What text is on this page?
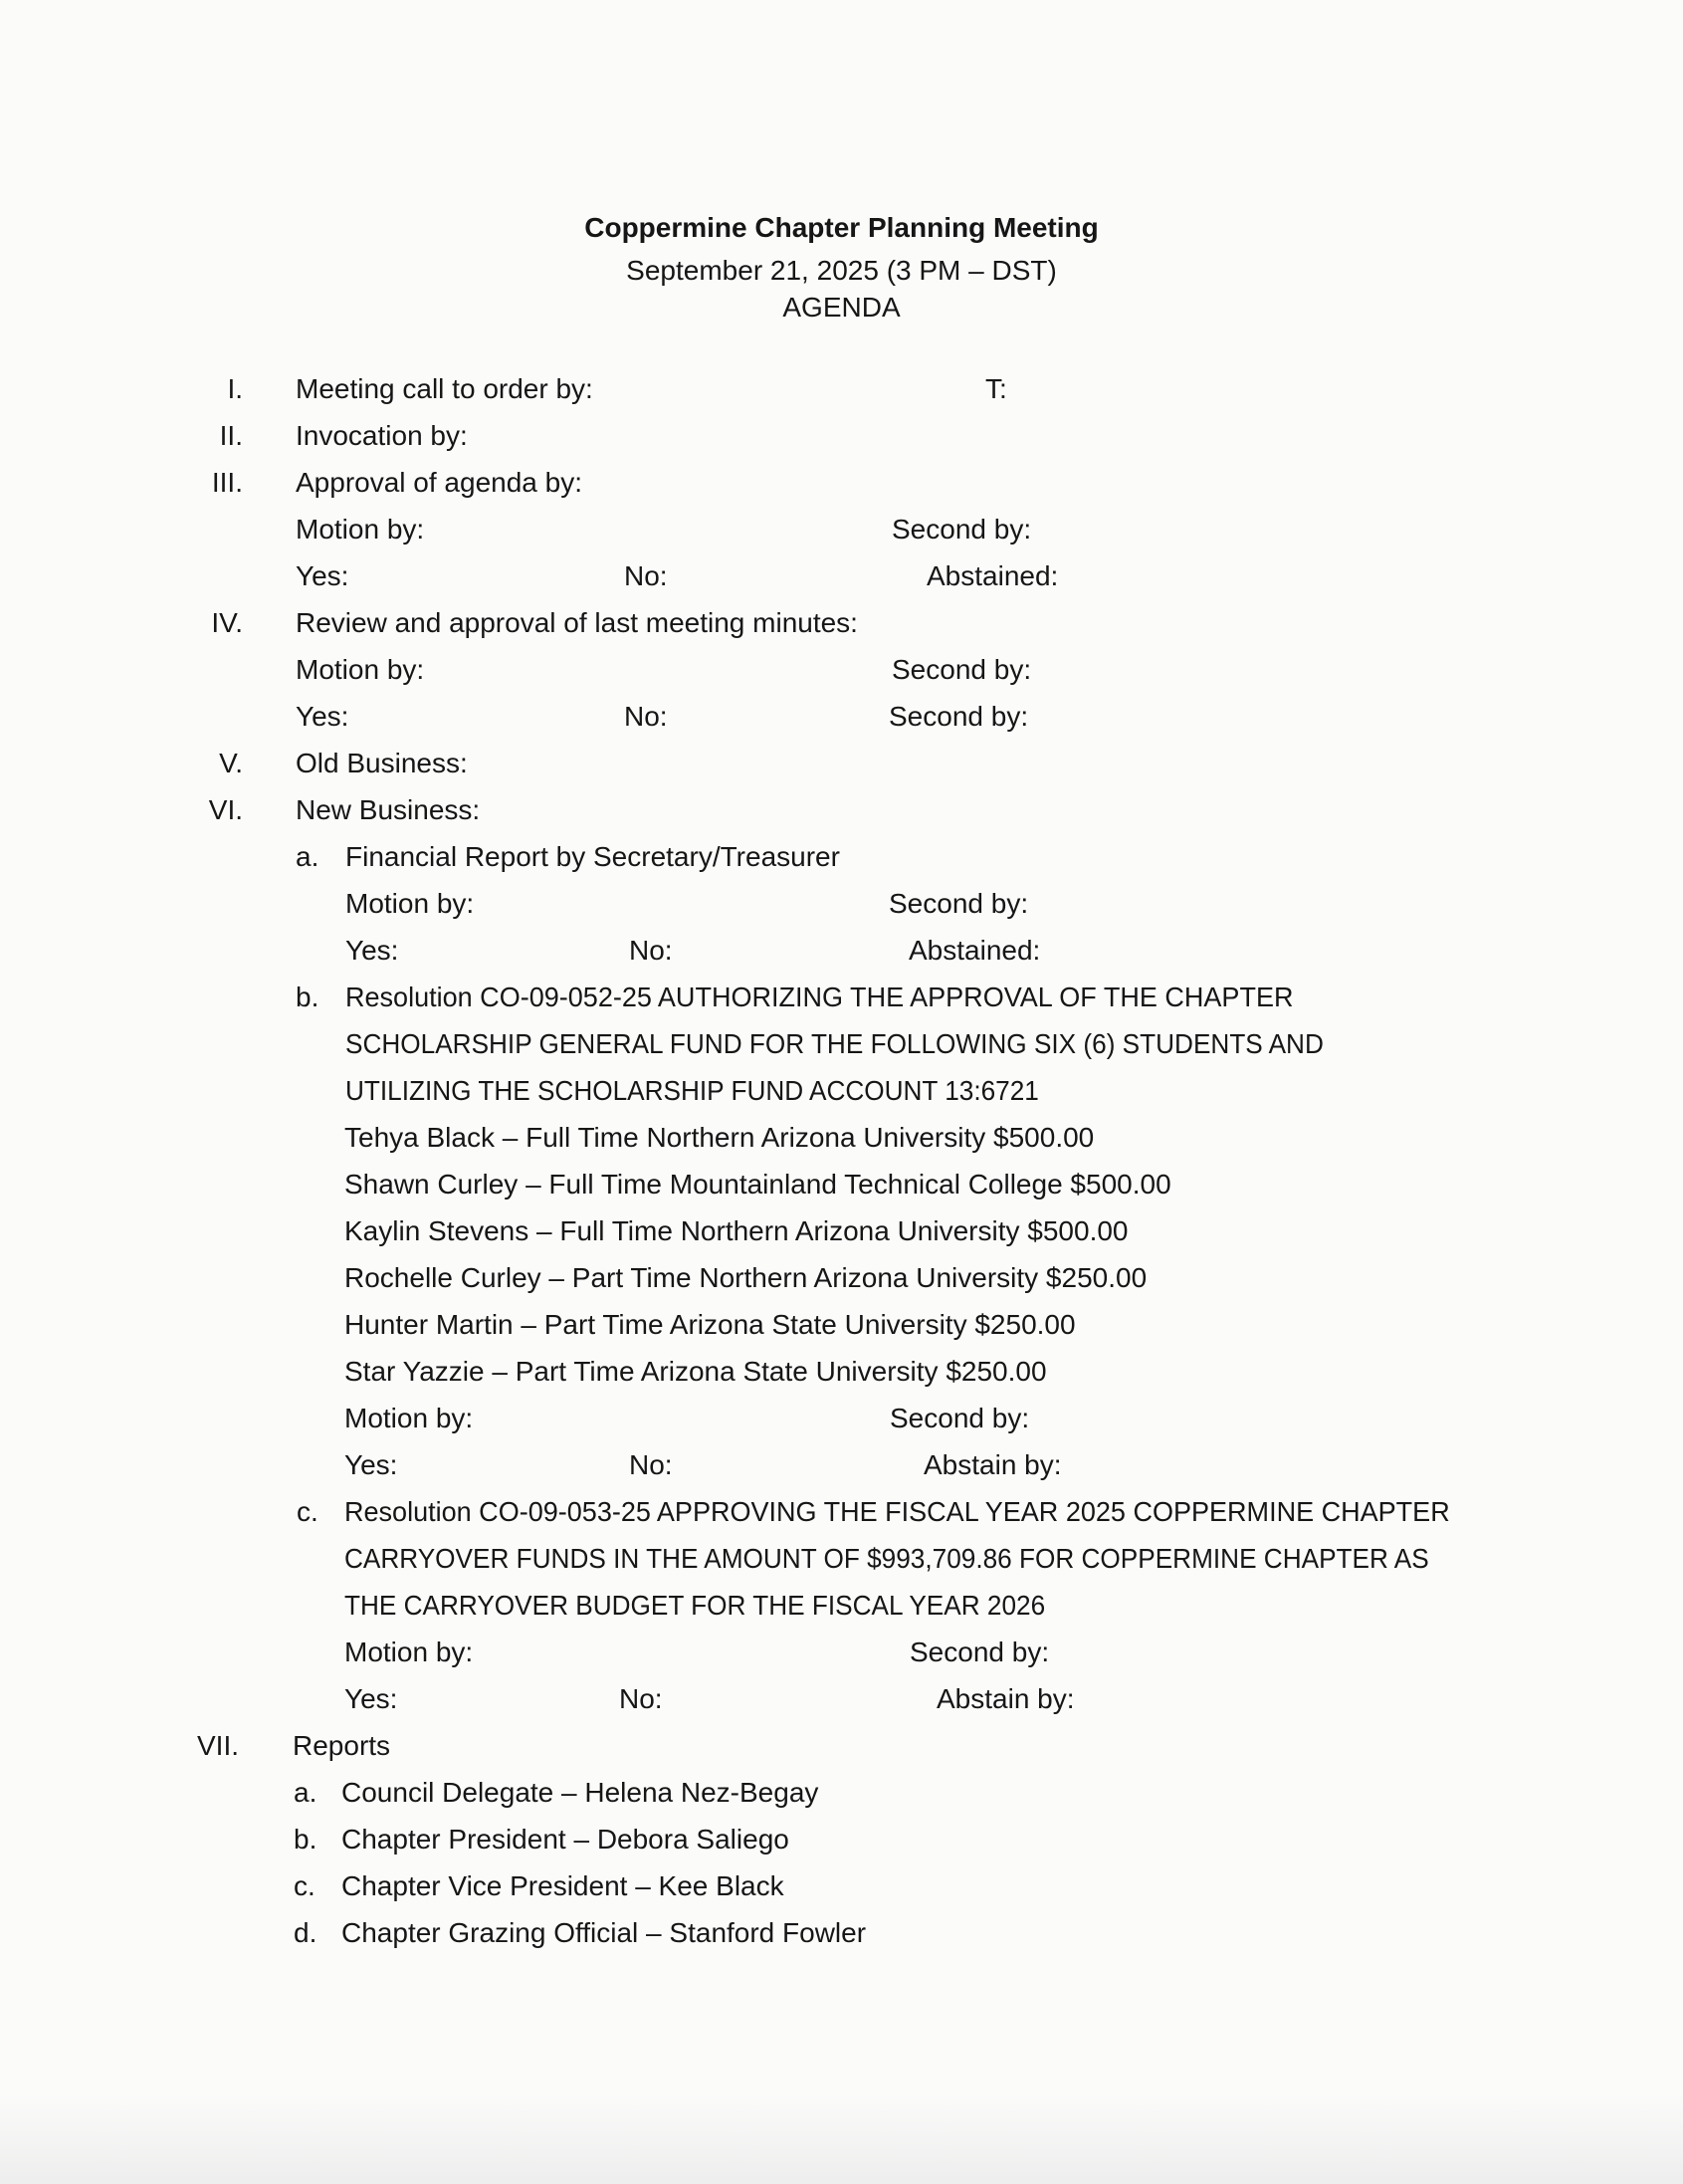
Coppermine Chapter Planning Meeting
September 21, 2025 (3 PM – DST)
AGENDA
I. Meeting call to order by:	T:
II. Invocation by:
III. Approval of agenda by:
Motion by:	Second by:
Yes:	No:	Abstained:
IV. Review and approval of last meeting minutes:
Motion by:	Second by:
Yes:	No:	Second by:
V. Old Business:
VI. New Business:
a. Financial Report by Secretary/Treasurer
Motion by:	Second by:
Yes:	No:	Abstained:
b. Resolution CO-09-052-25 AUTHORIZING THE APPROVAL OF THE CHAPTER
SCHOLARSHIP GENERAL FUND FOR THE FOLLOWING SIX (6) STUDENTS AND
UTILIZING THE SCHOLARSHIP FUND ACCOUNT 13:6721
Tehya Black – Full Time Northern Arizona University $500.00
Shawn Curley – Full Time Mountainland Technical College $500.00
Kaylin Stevens – Full Time Northern Arizona University $500.00
Rochelle Curley – Part Time Northern Arizona University $250.00
Hunter Martin – Part Time Arizona State University $250.00
Star Yazzie – Part Time Arizona State University $250.00
Motion by:	Second by:
Yes:	No:	Abstain by:
c. Resolution CO-09-053-25 APPROVING THE FISCAL YEAR 2025 COPPERMINE CHAPTER
CARRYOVER FUNDS IN THE AMOUNT OF $993,709.86 FOR COPPERMINE CHAPTER AS
THE CARRYOVER BUDGET FOR THE FISCAL YEAR 2026
Motion by:	Second by:
Yes:	No:	Abstain by:
VII. Reports
a. Council Delegate – Helena Nez-Begay
b. Chapter President – Debora Saliego
c. Chapter Vice President – Kee Black
d. Chapter Grazing Official – Stanford Fowler
